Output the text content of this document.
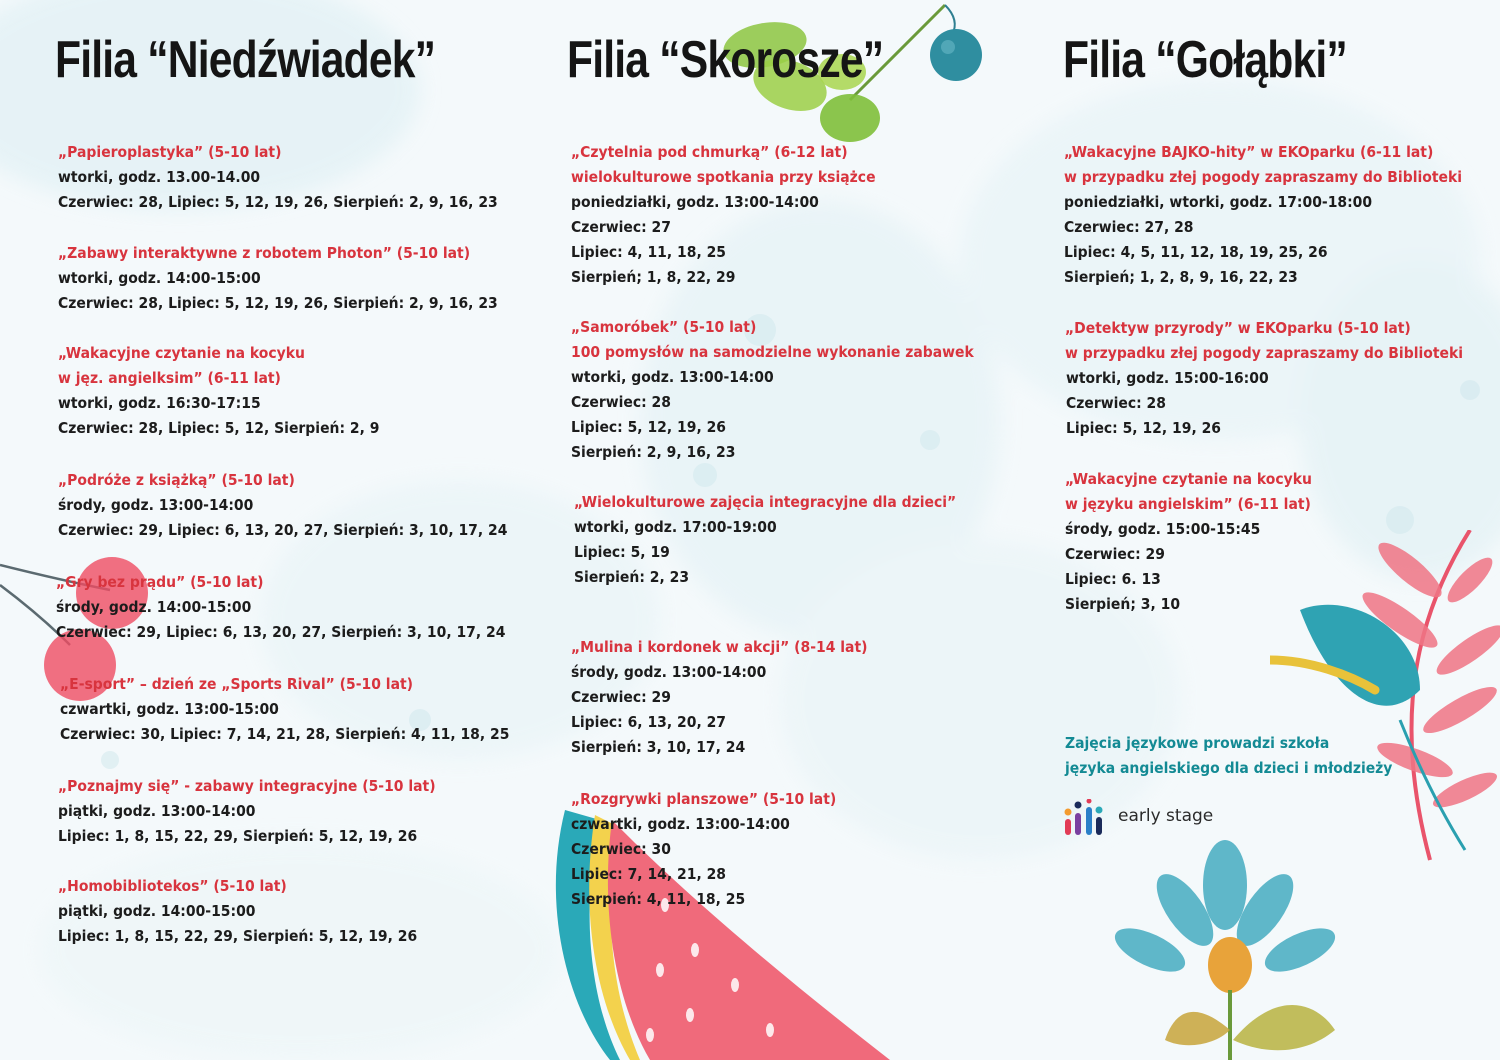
Filia “Niedźwiadek”	Filia “Skorosze”	Filia “Gołąbki”
„Papieroplastyka” (5-10 lat)
wtorki, godz. 13.00-14.00
Czerwiec: 28, Lipiec: 5, 12, 19, 26, Sierpień: 2, 9, 16, 23
„Zabawy interaktywne z robotem Photon” (5-10 lat)
wtorki, godz. 14:00-15:00
Czerwiec: 28, Lipiec: 5, 12, 19, 26, Sierpień: 2, 9, 16, 23
„Wakacyjne czytanie na kocyku
w jęz. angielksim” (6-11 lat)
wtorki, godz. 16:30-17:15
Czerwiec: 28, Lipiec: 5, 12, Sierpień: 2, 9
„Podróże z książką” (5-10 lat)
środy, godz. 13:00-14:00
Czerwiec: 29, Lipiec: 6, 13, 20, 27, Sierpień: 3, 10, 17, 24
„Gry bez prądu” (5-10 lat)
środy, godz. 14:00-15:00
Czerwiec: 29, Lipiec: 6, 13, 20, 27, Sierpień: 3, 10, 17, 24
„E-sport” – dzień ze „Sports Rival” (5-10 lat)
czwartki, godz. 13:00-15:00
Czerwiec: 30, Lipiec: 7, 14, 21, 28, Sierpień: 4, 11, 18, 25
„Poznajmy się” - zabawy integracyjne (5-10 lat)
piątki, godz. 13:00-14:00
Lipiec: 1, 8, 15, 22, 29, Sierpień: 5, 12, 19, 26
„Homobibliotekos” (5-10 lat)
piątki, godz. 14:00-15:00
Lipiec: 1, 8, 15, 22, 29, Sierpień: 5, 12, 19, 26
„Czytelnia pod chmurką” (6-12 lat)
wielokulturowe spotkania przy książce
poniedziałki, godz. 13:00-14:00
Czerwiec: 27
Lipiec: 4, 11, 18, 25
Sierpień; 1, 8, 22, 29
„Samoróbek” (5-10 lat)
100 pomysłów na samodzielne wykonanie zabawek
wtorki, godz. 13:00-14:00
Czerwiec: 28
Lipiec: 5, 12, 19, 26
Sierpień: 2, 9, 16, 23
„Wielokulturowe zajęcia integracyjne dla dzieci”
wtorki, godz. 17:00-19:00
Lipiec: 5, 19
Sierpień: 2, 23
„Mulina i kordonek w akcji” (8-14 lat)
środy, godz. 13:00-14:00
Czerwiec: 29
Lipiec: 6, 13, 20, 27
Sierpień: 3, 10, 17, 24
„Rozgrywki planszowe” (5-10 lat)
czwartki, godz. 13:00-14:00
Czerwiec: 30
Lipiec: 7, 14, 21, 28
Sierpień: 4, 11, 18, 25
„Wakacyjne BAJKO-hity” w EKOparku (6-11 lat)
w przypadku złej pogody zapraszamy do Biblioteki
poniedziałki, wtorki, godz. 17:00-18:00
Czerwiec: 27, 28
Lipiec: 4, 5, 11, 12, 18, 19, 25, 26
Sierpień; 1, 2, 8, 9, 16, 22, 23
„Detektyw przyrody” w EKOparku (5-10 lat)
w przypadku złej pogody zapraszamy do Biblioteki
wtorki, godz. 15:00-16:00
Czerwiec: 28
Lipiec: 5, 12, 19, 26
„Wakacyjne czytanie na kocyku
w języku angielskim” (6-11 lat)
środy, godz. 15:00-15:45
Czerwiec: 29
Lipiec: 6. 13
Sierpień; 3, 10
Zajęcia językowe prowadzi szkoła
języka angielskiego dla dzieci i młodzieży
early stage
